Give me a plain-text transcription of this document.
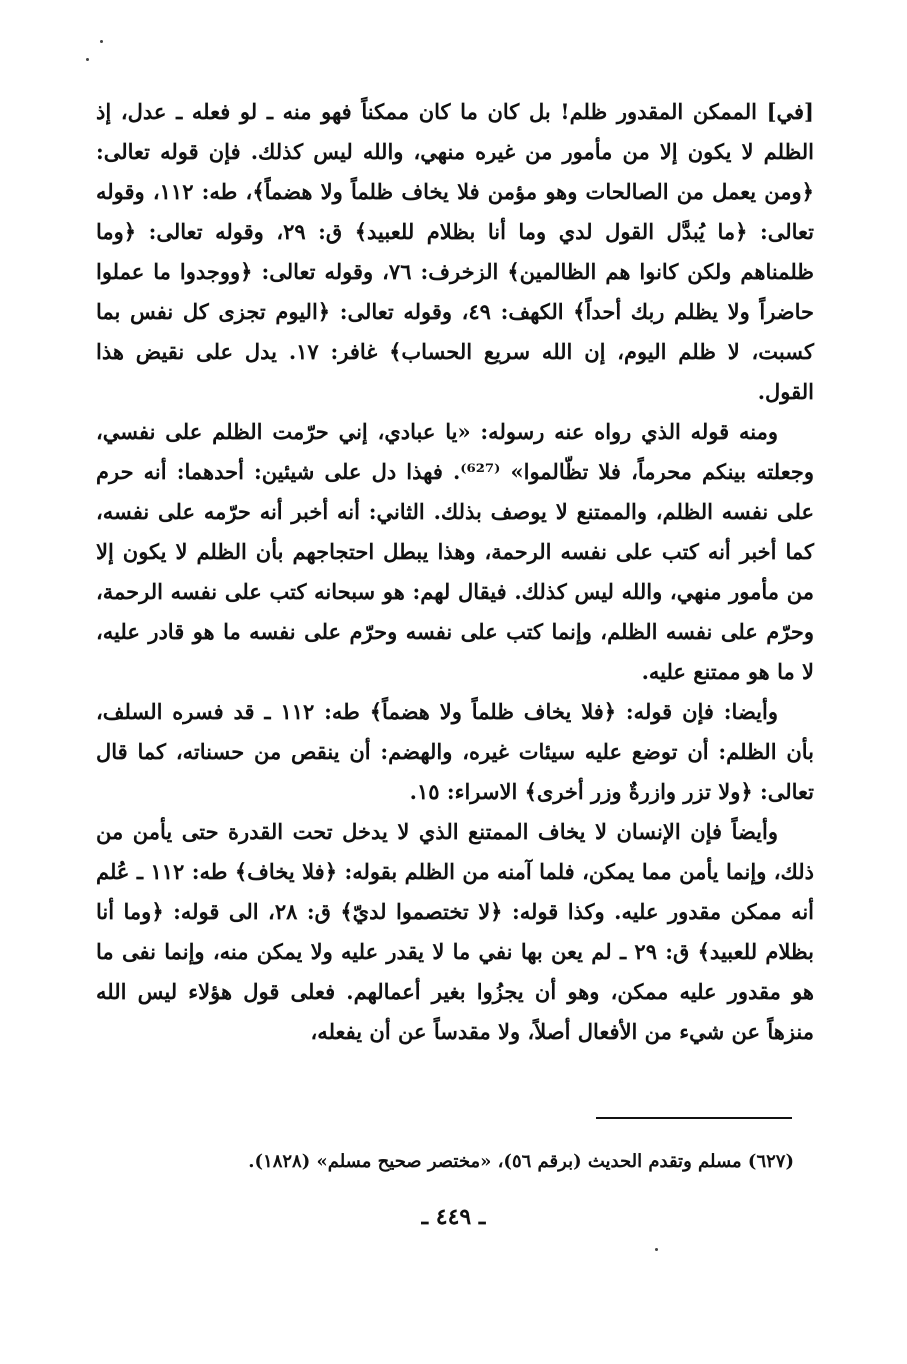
[في] الممكن المقدور ظلم! بل كان ما كان ممكناً فهو منه ـ لو فعله ـ عدل، إذ الظلم لا يكون إلا من مأمور من غيره منهي، والله ليس كذلك. فإن قوله تعالى: ﴿ومن يعمل من الصالحات وهو مؤمن فلا يخاف ظلماً ولا هضماً﴾، طه: ١١٢، وقوله تعالى: ﴿ما يُبدَّل القول لدي وما أنا بظلام للعبيد﴾ ق: ٢٩، وقوله تعالى: ﴿وما ظلمناهم ولكن كانوا هم الظالمين﴾ الزخرف: ٧٦، وقوله تعالى: ﴿ووجدوا ما عملوا حاضراً ولا يظلم ربك أحداً﴾ الكهف: ٤٩، وقوله تعالى: ﴿اليوم تجزى كل نفس بما كسبت، لا ظلم اليوم، إن الله سريع الحساب﴾ غافر: ١٧. يدل على نقيض هذا القول.

ومنه قوله الذي رواه عنه رسوله: «يا عبادي، إني حرّمت الظلم على نفسي، وجعلته بينكم محرماً، فلا تظّالموا» ⁽⁶²⁷⁾. فهذا دل على شيئين: أحدهما: أنه حرم على نفسه الظلم، والممتنع لا يوصف بذلك. الثاني: أنه أخبر أنه حرّمه على نفسه، كما أخبر أنه كتب على نفسه الرحمة، وهذا يبطل احتجاجهم بأن الظلم لا يكون إلا من مأمور منهي، والله ليس كذلك. فيقال لهم: هو سبحانه كتب على نفسه الرحمة، وحرّم على نفسه الظلم، وإنما كتب على نفسه وحرّم على نفسه ما هو قادر عليه، لا ما هو ممتنع عليه.

وأيضا: فإن قوله: ﴿فلا يخاف ظلماً ولا هضماً﴾ طه: ١١٢ ـ قد فسره السلف، بأن الظلم: أن توضع عليه سيئات غيره، والهضم: أن ينقص من حسناته، كما قال تعالى: ﴿ولا تزر وازرةٌ وزر أخرى﴾ الاسراء: ١٥.

وأيضاً فإن الإنسان لا يخاف الممتنع الذي لا يدخل تحت القدرة حتى يأمن من ذلك، وإنما يأمن مما يمكن، فلما آمنه من الظلم بقوله: ﴿فلا يخاف﴾ طه: ١١٢ ـ عُلم أنه ممكن مقدور عليه. وكذا قوله: ﴿لا تختصموا لديّ﴾ ق: ٢٨، الى قوله: ﴿وما أنا بظلام للعبيد﴾ ق: ٢٩ ـ لم يعن بها نفي ما لا يقدر عليه ولا يمكن منه، وإنما نفى ما هو مقدور عليه ممكن، وهو أن يجزُوا بغير أعمالهم. فعلى قول هؤلاء ليس الله منزهاً عن شيء من الأفعال أصلاً، ولا مقدساً عن أن يفعله،

(٦٢٧) مسلم وتقدم الحديث (برقم ٥٦)، «مختصر صحيح مسلم» (١٨٢٨).
ـ ٤٤٩ ـ
